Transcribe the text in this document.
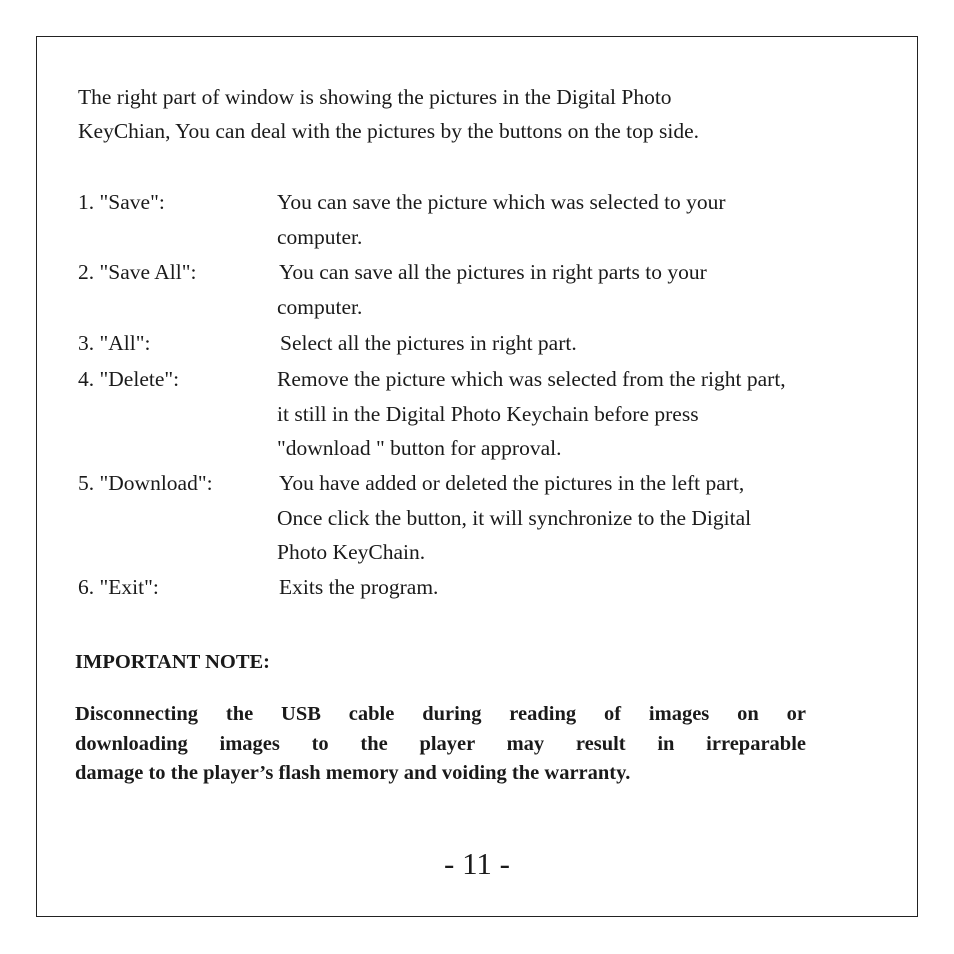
The right part of window is showing the pictures in the Digital Photo
KeyChian, You can deal with the pictures by the buttons on the top side.

1. "Save":	You can save the picture which was selected to your
computer.
2. "Save All":	You can save all the pictures in right parts to your
computer.
3. "All":	Select all the pictures in right part.
4. "Delete":	Remove the picture which was selected from the right part,
it still in the Digital Photo Keychain before press
"download " button for approval.
5. "Download":	You have added or deleted the pictures in the left part,
Once click the button, it will synchronize to the Digital
Photo KeyChain.
6. "Exit":	Exits the program.

IMPORTANT NOTE:

Disconnecting the USB cable during reading of images on or
downloading images to the player may result in irreparable
damage to the player’s flash memory and voiding the warranty.

- 11 -
